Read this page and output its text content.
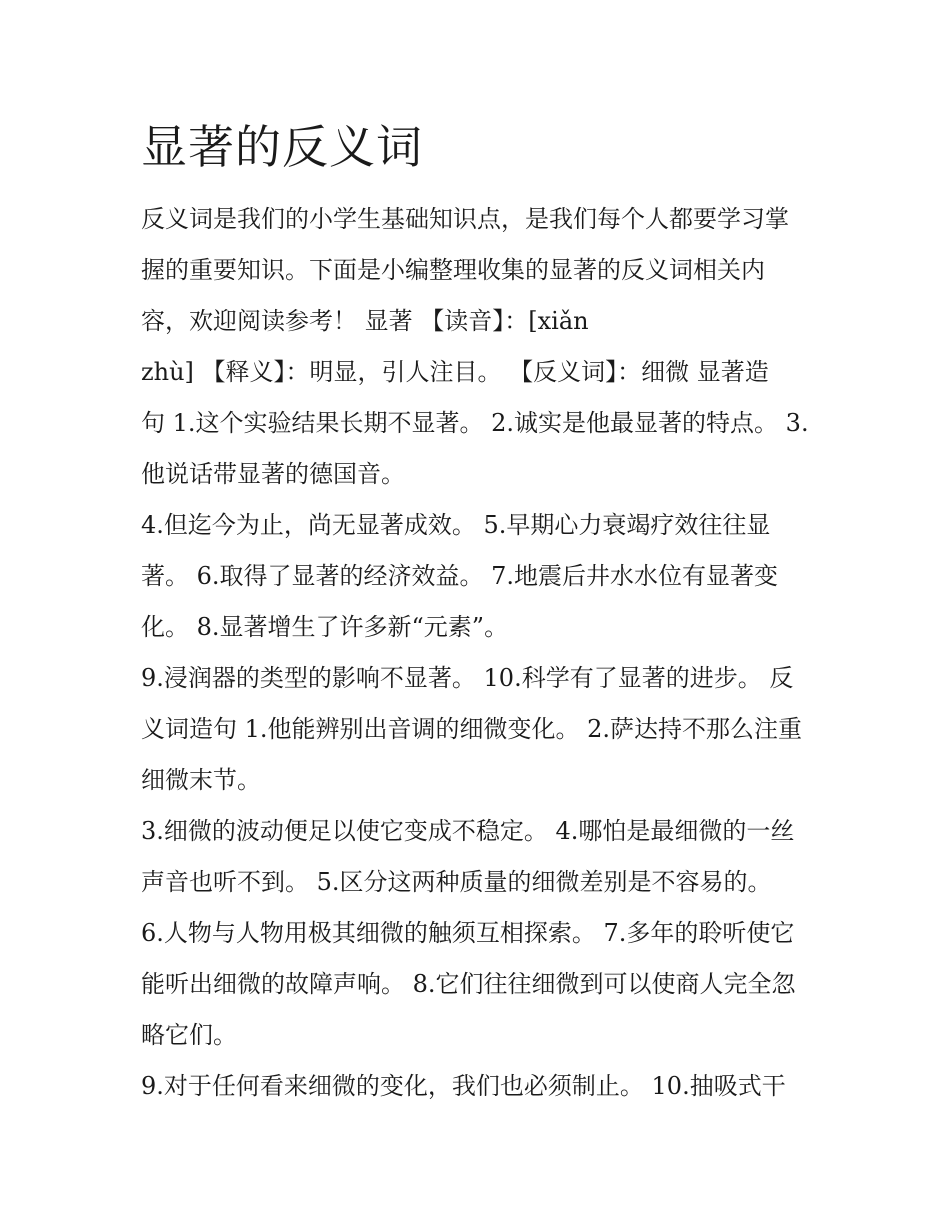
显著的反义词
反义词是我们的小学生基础知识点，是我们每个人都要学习掌
握的重要知识。下面是小编整理收集的显著的反义词相关内
容，欢迎阅读参考！ 显著 【读音】：[xiǎn
zhù] 【释义】：明显，引人注目。 【反义词】：细微 显著造
句 1.这个实验结果长期不显著。 2.诚实是他最显著的特点。 3.
他说话带显著的德国音。
4.但迄今为止，尚无显著成效。 5.早期心力衰竭疗效往往显
著。 6.取得了显著的经济效益。 7.地震后井水水位有显著变
化。 8.显著增生了许多新“元素”。
9.浸润器的类型的影响不显著。 10.科学有了显著的进步。 反
义词造句 1.他能辨别出音调的细微变化。 2.萨达持不那么注重
细微末节。
3.细微的波动便足以使它变成不稳定。 4.哪怕是最细微的一丝
声音也听不到。 5.区分这两种质量的细微差别是不容易的。
6.人物与人物用极其细微的触须互相探索。 7.多年的聆听使它
能听出细微的故障声响。 8.它们往往细微到可以使商人完全忽
略它们。
9.对于任何看来细微的变化，我们也必须制止。 10.抽吸式干
